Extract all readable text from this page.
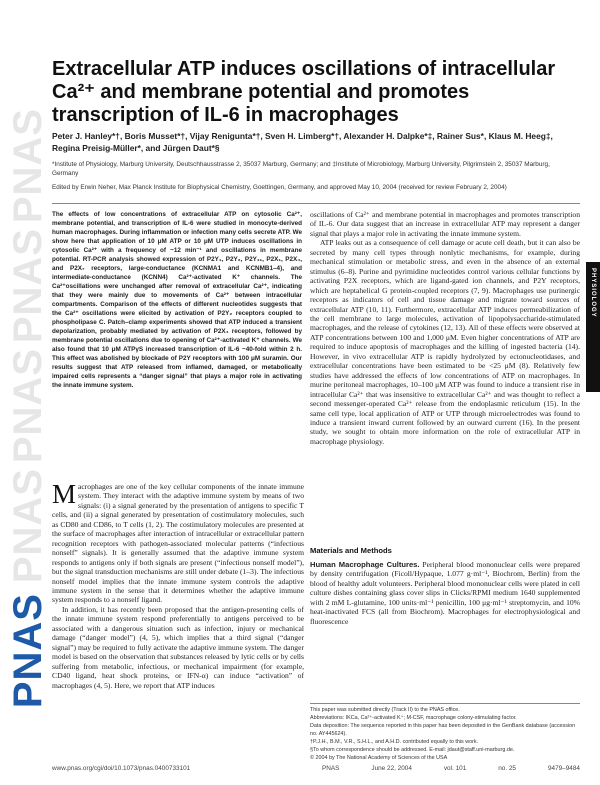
PNAS
PNAS
PNAS
PNAS
PNAS
PHYSIOLOGY
Extracellular ATP induces oscillations of intracellular Ca²⁺ and membrane potential and promotes transcription of IL-6 in macrophages
Peter J. Hanley*†, Boris Musset*†, Vijay Renigunta*†, Sven H. Limberg*†, Alexander H. Dalpke*‡, Rainer Sus*, Klaus M. Heeg‡, Regina Preisig-Müller*, and Jürgen Daut*§
*Institute of Physiology, Marburg University, Deutschhausstrasse 2, 35037 Marburg, Germany; and ‡Institute of Microbiology, Marburg University, Pilgrimstein 2, 35037 Marburg, Germany
Edited by Erwin Neher, Max Planck Institute for Biophysical Chemistry, Goettingen, Germany, and approved May 10, 2004 (received for review February 2, 2004)
The effects of low concentrations of extracellular ATP on cytosolic Ca²⁺, membrane potential, and transcription of IL-6 were studied in monocyte-derived human macrophages. During inflammation or infection many cells secrete ATP. We show here that application of 10 μM ATP or 10 μM UTP induces oscillations in cytosolic Ca²⁺ with a frequency of ~12 min⁻¹ and oscillations in membrane potential. RT-PCR analysis showed expression of P2Y₁, P2Y₂, P2Y₁₁, P2X₁, P2X₄, and P2X₇ receptors, large-conductance (KCNMA1 and KCNMB1–4), and intermediate-conductance (KCNN4) Ca²⁺-activated K⁺ channels. The Ca²⁺oscillations were unchanged after removal of extracellular Ca²⁺, indicating that they were mainly due to movements of Ca²⁺ between intracellular compartments. Comparison of the effects of different nucleotides suggests that the Ca²⁺ oscillations were elicited by activation of P2Y₂ receptors coupled to phospholipase C. Patch–clamp experiments showed that ATP induced a transient depolarization, probably mediated by activation of P2X₄ receptors, followed by membrane potential oscillations due to opening of Ca²⁺-activated K⁺ channels. We also found that 10 μM ATPγS increased transcription of IL-6 ~40-fold within 2 h. This effect was abolished by blockade of P2Y receptors with 100 μM suramin. Our results suggest that ATP released from inflamed, damaged, or metabolically impaired cells represents a “danger signal” that plays a major role in activating the innate immune system.

Macrophages are one of the key cellular components of the innate immune system. They interact with the adaptive immune system by means of two signals: (i) a signal generated by the presentation of antigens to specific T cells, and (ii) a signal generated by presentation of costimulatory molecules, such as CD80 and CD86, to T cells (1, 2). The costimulatory molecules are presented at the surface of macrophages after interaction of intracellular or extracellular pattern recognition receptors with pathogen-associated molecular patterns (“infectious nonself” signals). It is generally assumed that the adaptive immune system responds to antigens only if both signals are present (“infectious nonself model”), but the signal transduction mechanisms are still under debate (1–3). The infectious nonself model implies that the innate immune system controls the adaptive immune system in the sense that it determines whether the adaptive immune system responds to a nonself ligand.

In addition, it has recently been proposed that the antigen-presenting cells of the innate immune system respond preferentially to antigens perceived to be associated with a dangerous situation such as infection, injury or mechanical damage (“danger model”) (4, 5), which implies that a third signal (“danger signal”) may be required to fully activate the adaptive immune system. The danger model is based on the observation that substances released by lytic cells or by cells suffering from metabolic, infectious, or mechanical impairment (for example, CD40 ligand, heat shock proteins, or IFN-α) can induce “activation” of macrophages (4, 5). Here, we report that ATP induces

oscillations of Ca²⁺ and membrane potential in macrophages and promotes transcription of IL-6. Our data suggest that an increase in extracellular ATP may represent a danger signal that plays a major role in activating the innate immune system.

ATP leaks out as a consequence of cell damage or acute cell death, but it can also be secreted by many cell types through nonlytic mechanisms, for example, during mechanical stimulation or metabolic stress, and even in the absence of an external stimulus (6–8). Purine and pyrimidine nucleotides control various cellular functions by activating P2X receptors, which are ligand-gated ion channels, and P2Y receptors, which are heptahelical G protein-coupled receptors (7, 9). Macrophages use purinergic receptors as indicators of cell and tissue damage and migrate toward sources of extracellular ATP (10, 11). Furthermore, extracellular ATP induces permeabilization of the cell membrane to large molecules, activation of lipopolysaccharide-stimulated macrophages, and the release of cytokines (12, 13). All of these effects were observed at ATP concentrations between 100 and 1,000 μM. Even higher concentrations of ATP are required to induce apoptosis of macrophages and the killing of ingested bacteria (14). However, in vivo extracellular ATP is rapidly hydrolyzed by ectonucleotidases, and extracellular concentrations have been estimated to be <25 μM (8). Relatively few studies have addressed the effects of low concentrations of ATP on macrophages. In murine peritoneal macrophages, 10–100 μM ATP was found to induce a transient rise in intracellular Ca²⁺ that was insensitive to extracellular Ca²⁺ and was thought to reflect a second messenger-operated Ca²⁺ release from the endoplasmic reticulum (15). In the same cell type, local application of ATP or UTP through microelectrodes was found to induce a transient inward current followed by an outward current (16). In the present study, we sought to obtain more information on the role of extracellular ATP in macrophage physiology.

Materials and Methods

Human Macrophage Cultures. Peripheral blood mononuclear cells were prepared by density centrifugation (Ficoll/Hypaque, 1.077 g·ml⁻¹, Biochrom, Berlin) from the blood of healthy adult volunteers. Peripheral blood mononuclear cells were plated in cell culture dishes containing glass cover slips in Clicks/RPMI medium 1640 supplemented with 2 mM L-glutamine, 100 units·ml⁻¹ penicillin, 100 μg·ml⁻¹ streptomycin, and 10% heat-inactivated FCS (all from Biochrom). Macrophages for electrophysiological and fluorescence

This paper was submitted directly (Track II) to the PNAS office.

Abbreviations: IKCa, Ca²⁺-activated K⁺; M-CSF, macrophage colony-stimulating factor.

Data deposition: The sequence reported in this paper has been deposited in the GenBank database (accession no. AY445624).

†P.J.H., B.M., V.R., S.H.L., and A.H.D. contributed equally to this work.

§To whom correspondence should be addressed. E-mail: jdaut@staff.uni-marburg.de.

© 2004 by The National Academy of Sciences of the USA

www.pnas.org/cgi/doi/10.1073/pnas.0400733101	PNAS	June 22, 2004	vol. 101	no. 25	9479–9484
